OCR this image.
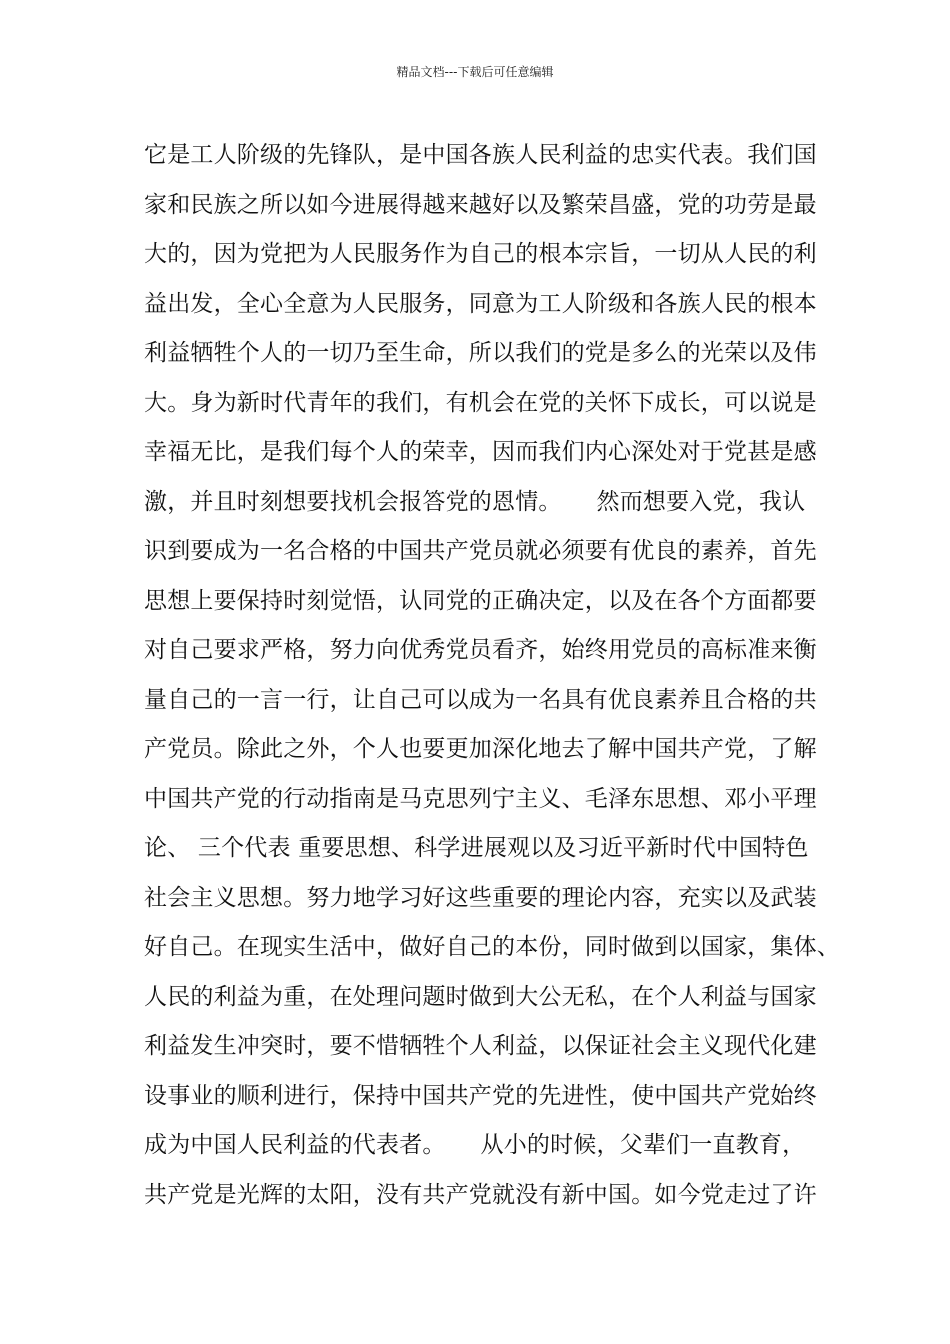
精品文档---下载后可任意编辑
它是工人阶级的先锋队，是中国各族人民利益的忠实代表。我们国
家和民族之所以如今进展得越来越好以及繁荣昌盛，党的功劳是最
大的，因为党把为人民服务作为自己的根本宗旨，一切从人民的利
益出发，全心全意为人民服务，同意为工人阶级和各族人民的根本
利益牺牲个人的一切乃至生命，所以我们的党是多么的光荣以及伟
大。身为新时代青年的我们，有机会在党的关怀下成长，可以说是
幸福无比，是我们每个人的荣幸，因而我们内心深处对于党甚是感
激，并且时刻想要找机会报答党的恩情。　　然而想要入党，我认
识到要成为一名合格的中国共产党员就必须要有优良的素养，首先
思想上要保持时刻觉悟，认同党的正确决定，以及在各个方面都要
对自己要求严格，努力向优秀党员看齐，始终用党员的高标准来衡
量自己的一言一行，让自己可以成为一名具有优良素养且合格的共
产党员。除此之外，个人也要更加深化地去了解中国共产党，了解
中国共产党的行动指南是马克思列宁主义、毛泽东思想、邓小平理
论、 三个代表 重要思想、科学进展观以及习近平新时代中国特色
社会主义思想。努力地学习好这些重要的理论内容，充实以及武装
好自己。在现实生活中，做好自己的本份，同时做到以国家，集体、
人民的利益为重，在处理问题时做到大公无私，在个人利益与国家
利益发生冲突时，要不惜牺牲个人利益，以保证社会主义现代化建
设事业的顺利进行，保持中国共产党的先进性，使中国共产党始终
成为中国人民利益的代表者。　　从小的时候，父辈们一直教育，
共产党是光辉的太阳，没有共产党就没有新中国。如今党走过了许
